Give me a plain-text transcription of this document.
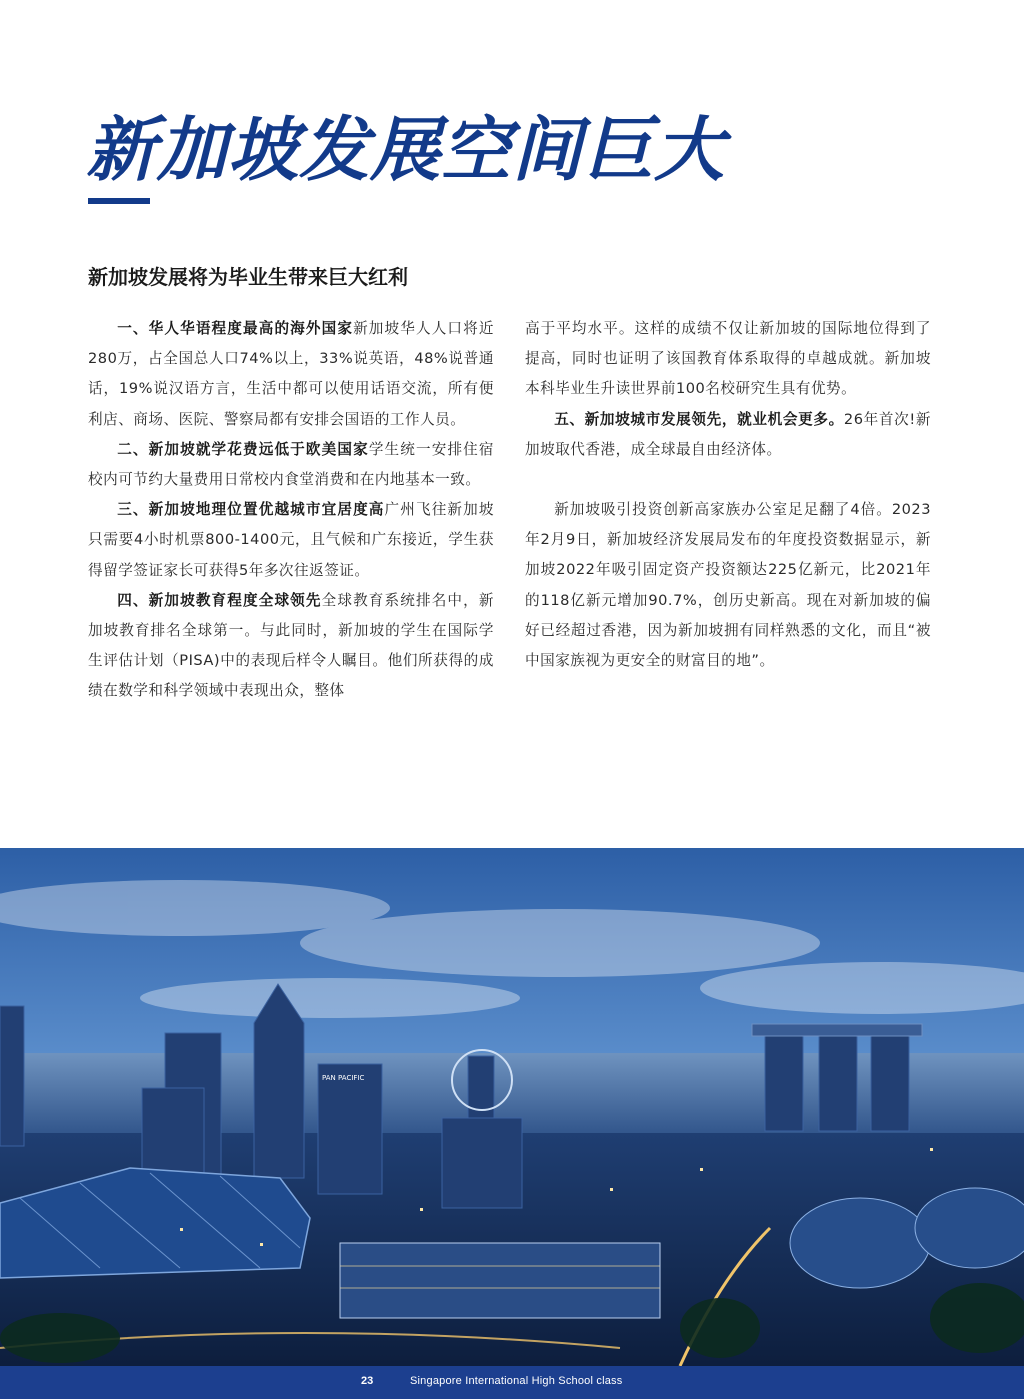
新加坡发展空间巨大
新加坡发展将为毕业生带来巨大红利

一、华人华语程度最高的海外国家新加坡华人人口将近280万，占全国总人口74%以上，33%说英语，48%说普通话，19%说汉语方言，生活中都可以使用话语交流，所有便利店、商场、医院、警察局都有安排会国语的工作人员。

二、新加坡就学花费远低于欧美国家学生统一安排住宿校内可节约大量费用日常校内食堂消费和在内地基本一致。

三、新加坡地理位置优越城市宜居度高广州飞往新加坡只需要4小时机票800-1400元，且气候和广东接近，学生获得留学签证家长可获得5年多次往返签证。

四、新加坡教育程度全球领先全球教育系统排名中，新加坡教育排名全球第一。与此同时，新加坡的学生在国际学生评估计划（PISA)中的表现后样令人瞩目。他们所获得的成绩在数学和科学领域中表现出众，整体

高于平均水平。这样的成绩不仅让新加坡的国际地位得到了提高，同时也证明了该国教育体系取得的卓越成就。新加坡本科毕业生升读世界前100名校研究生具有优势。

五、新加坡城市发展领先，就业机会更多。26年首次!新加坡取代香港，成全球最自由经济体。

新加坡吸引投资创新高家族办公室足足翻了4倍。2023年2月9日，新加坡经济发展局发布的年度投资数据显示，新加坡2022年吸引固定资产投资额达225亿新元，比2021年的118亿新元增加90.7%，创历史新高。现在对新加坡的偏好已经超过香港，因为新加坡拥有同样熟悉的文化，而且“被中国家族视为更安全的财富目的地”。

PAN PACIFIC
23	Singapore International High School class
